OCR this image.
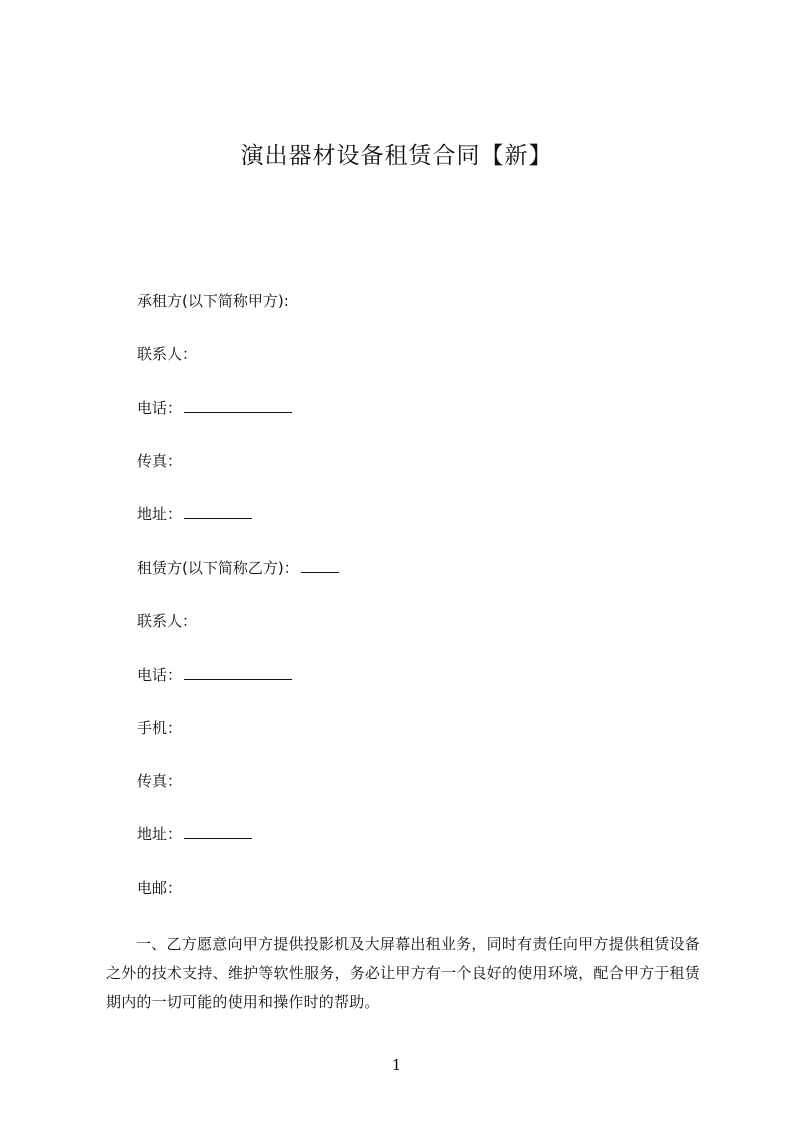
演出器材设备租赁合同【新】
承租方(以下简称甲方):
联系人：
电话：
传真：
地址：
租赁方(以下简称乙方)：
联系人：
电话：
手机：
传真：
地址：
电邮：
一、乙方愿意向甲方提供投影机及大屏幕出租业务，同时有责任向甲方提供租赁设备之外的技术支持、维护等软性服务，务必让甲方有一个良好的使用环境，配合甲方于租赁期内的一切可能的使用和操作时的帮助。
1
